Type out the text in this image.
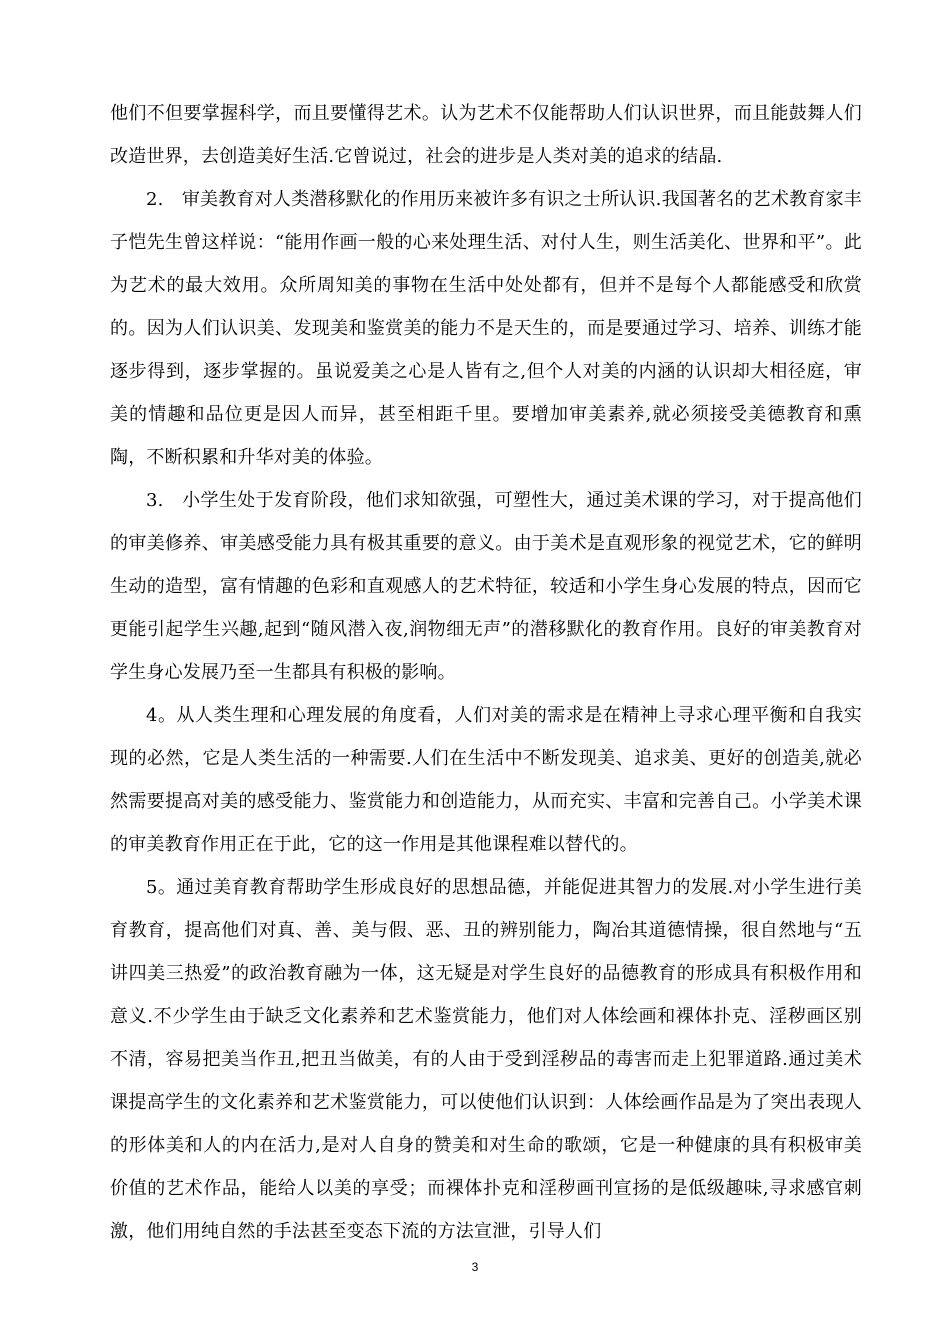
他们不但要掌握科学，而且要懂得艺术。认为艺术不仅能帮助人们认识世界，而且能鼓舞人们改造世界，去创造美好生活.它曾说过，社会的进步是人类对美的追求的结晶.

2.　审美教育对人类潜移默化的作用历来被许多有识之士所认识.我国著名的艺术教育家丰子恺先生曾这样说：“能用作画一般的心来处理生活、对付人生，则生活美化、世界和平”。此为艺术的最大效用。众所周知美的事物在生活中处处都有，但并不是每个人都能感受和欣赏的。因为人们认识美、发现美和鉴赏美的能力不是天生的，而是要通过学习、培养、训练才能逐步得到，逐步掌握的。虽说爱美之心是人皆有之,但个人对美的内涵的认识却大相径庭，审美的情趣和品位更是因人而异，甚至相距千里。要增加审美素养,就必须接受美德教育和熏陶，不断积累和升华对美的体验。

3.　小学生处于发育阶段，他们求知欲强，可塑性大，通过美术课的学习，对于提高他们的审美修养、审美感受能力具有极其重要的意义。由于美术是直观形象的视觉艺术，它的鲜明生动的造型，富有情趣的色彩和直观感人的艺术特征，较适和小学生身心发展的特点，因而它更能引起学生兴趣,起到“随风潜入夜,润物细无声”的潜移默化的教育作用。良好的审美教育对学生身心发展乃至一生都具有积极的影响。

4。从人类生理和心理发展的角度看，人们对美的需求是在精神上寻求心理平衡和自我实现的必然，它是人类生活的一种需要.人们在生活中不断发现美、追求美、更好的创造美,就必然需要提高对美的感受能力、鉴赏能力和创造能力，从而充实、丰富和完善自己。小学美术课的审美教育作用正在于此，它的这一作用是其他课程难以替代的。

5。通过美育教育帮助学生形成良好的思想品德，并能促进其智力的发展.对小学生进行美育教育，提高他们对真、善、美与假、恶、丑的辨别能力，陶冶其道德情操，很自然地与“五讲四美三热爱”的政治教育融为一体，这无疑是对学生良好的品德教育的形成具有积极作用和意义.不少学生由于缺乏文化素养和艺术鉴赏能力，他们对人体绘画和裸体扑克、淫秽画区别不清，容易把美当作丑,把丑当做美，有的人由于受到淫秽品的毒害而走上犯罪道路.通过美术课提高学生的文化素养和艺术鉴赏能力，可以使他们认识到：人体绘画作品是为了突出表现人的形体美和人的内在活力,是对人自身的赞美和对生命的歌颂，它是一种健康的具有积极审美价值的艺术作品，能给人以美的享受；而裸体扑克和淫秽画刊宣扬的是低级趣味,寻求感官刺激，他们用纯自然的手法甚至变态下流的方法宣泄，引导人们

3
